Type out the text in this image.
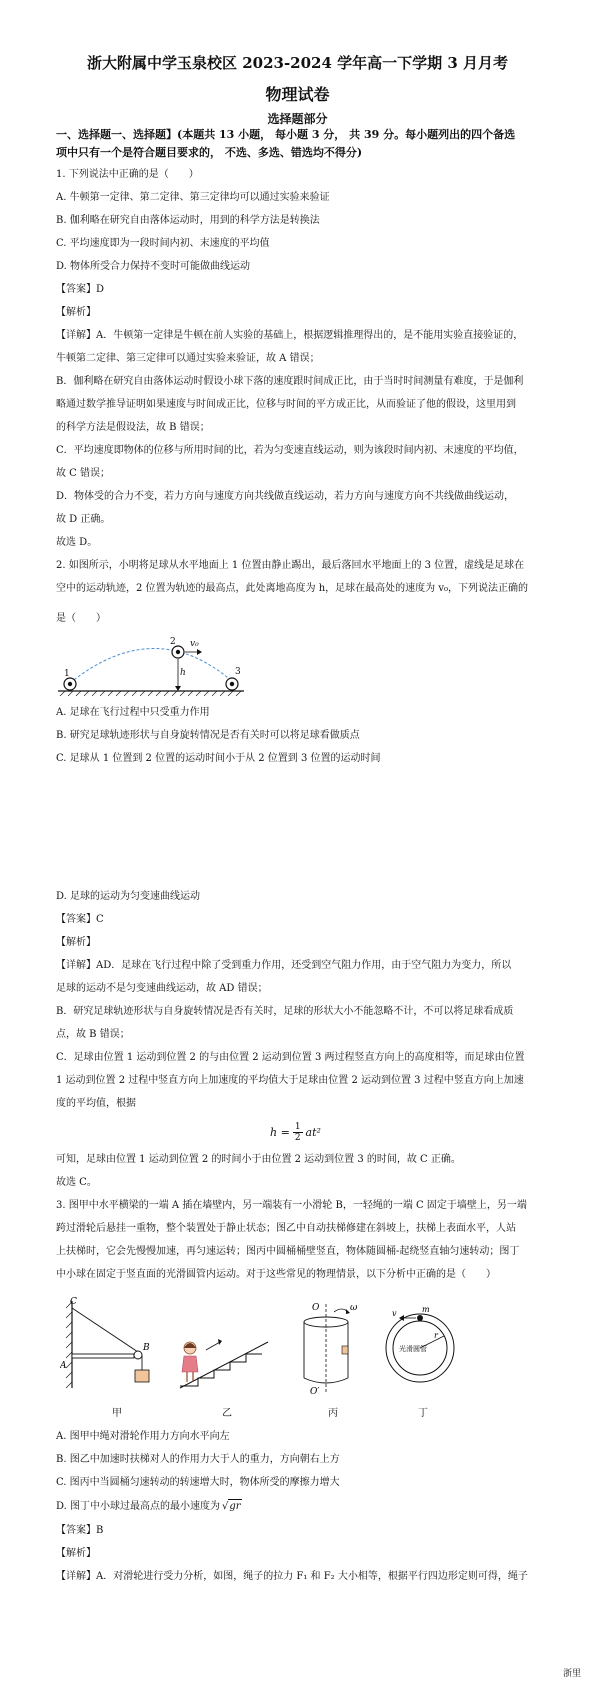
浙大附属中学玉泉校区 2023-2024 学年高一下学期 3 月月考
物理试卷
选择题部分
一、选择题一、选择题】(本题共 13 小题， 每小题 3 分， 共 39 分。每小题列出的四个备选
项中只有一个是符合题目要求的， 不选、多选、错选均不得分)
1. 下列说法中正确的是（　　）
A. 牛顿第一定律、第二定律、第三定律均可以通过实验来验证
B. 伽利略在研究自由落体运动时，用到的科学方法是转换法
C. 平均速度即为一段时间内初、末速度的平均值
D. 物体所受合力保持不变时可能做曲线运动
【答案】D
【解析】
【详解】A．牛顿第一定律是牛顿在前人实验的基础上，根据逻辑推理得出的，是不能用实验直接验证的，
牛顿第二定律、第三定律可以通过实验来验证，故 A 错误；
B．伽利略在研究自由落体运动时假设小球下落的速度跟时间成正比，由于当时时间测量有难度，于是伽利
略通过数学推导证明如果速度与时间成正比，位移与时间的平方成正比，从而验证了他的假设，这里用到
的科学方法是假设法，故 B 错误；
C．平均速度即物体的位移与所用时间的比，若为匀变速直线运动，则为该段时间内初、末速度的平均值，
故 C 错误；
D．物体受的合力不变，若力方向与速度方向共线做直线运动，若力方向与速度方向不共线做曲线运动，
故 D 正确。
故选 D。
2. 如图所示，小明将足球从水平地面上 1 位置由静止踢出，最后落回水平地面上的 3 位置，虚线是足球在
空中的运动轨迹，2 位置为轨迹的最高点，此处离地高度为 h，足球在最高处的速度为 v₀，下列说法正确的
是（　　）
1
2
3
h
v₀
A. 足球在飞行过程中只受重力作用
B. 研究足球轨迹形状与自身旋转情况是否有关时可以将足球看做质点
C. 足球从 1 位置到 2 位置的运动时间小于从 2 位置到 3 位置的运动时间
D. 足球的运动为匀变速曲线运动
【答案】C
【解析】
【详解】AD．足球在飞行过程中除了受到重力作用，还受到空气阻力作用，由于空气阻力为变力，所以
足球的运动不是匀变速曲线运动，故 AD 错误；
B．研究足球轨迹形状与自身旋转情况是否有关时，足球的形状大小不能忽略不计，不可以将足球看成质
点，故 B 错误；
C．足球由位置 1 运动到位置 2 的与由位置 2 运动到位置 3 两过程竖直方向上的高度相等，而足球由位置
1 运动到位置 2 过程中竖直方向上加速度的平均值大于足球由位置 2 运动到位置 3 过程中竖直方向上加速
度的平均值，根据
$h = \frac{1}{2} at^2$
可知，足球由位置 1 运动到位置 2 的时间小于由位置 2 运动到位置 3 的时间，故 C 正确。
故选 C。
3. 图甲中水平横梁的一端 A 插在墙壁内，另一端装有一小滑轮 B，一轻绳的一端 C 固定于墙壁上，另一端
跨过滑轮后悬挂一重物，整个装置处于静止状态；图乙中自动扶梯修建在斜坡上，扶梯上表面水平，人站
上扶梯时，它会先慢慢加速，再匀速运转；图丙中圆桶桶壁竖直，物体随圆桶-起绕竖直轴匀速转动；图丁
中小球在固定于竖直面的光滑圆管内运动。对于这些常见的物理情景，以下分析中正确的是（　　）
C
A
B
O	ω
O′
光滑圆管
m
v
r
甲	乙	丙	丁
A. 图甲中绳对滑轮作用力方向水平向左
B. 图乙中加速时扶梯对人的作用力大于人的重力，方向朝右上方
C. 图丙中当圆桶匀速转动的转速增大时，物体所受的摩擦力增大
D. 图丁中小球过最高点的最小速度为 √ gr
【答案】B
【解析】
【详解】A．对滑轮进行受力分析，如图，绳子的拉力 F₁ 和 F₂ 大小相等，根据平行四边形定则可得，绳子
浙里
